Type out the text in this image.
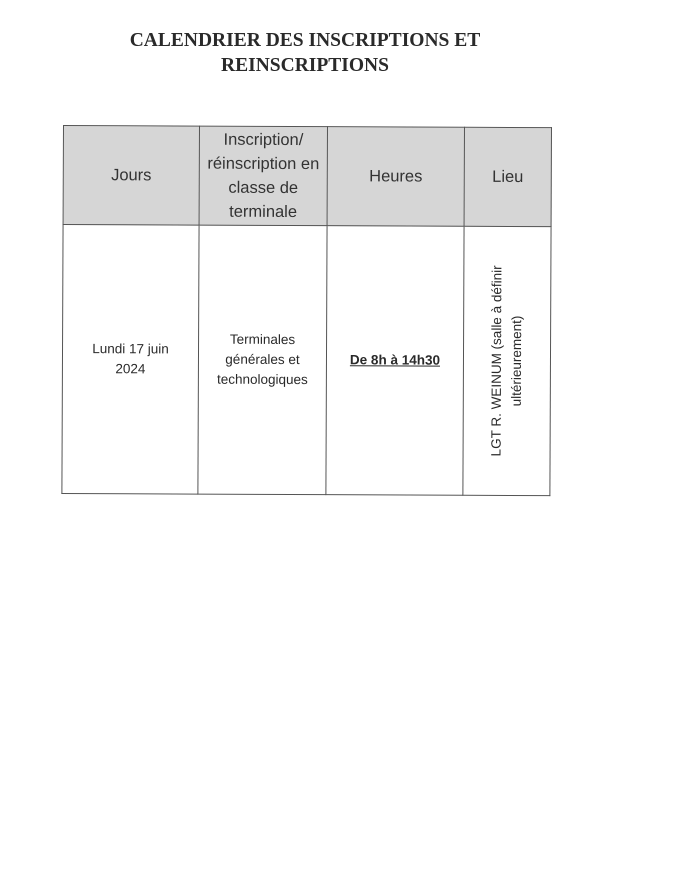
CALENDRIER DES INSCRIPTIONS ET
REINSCRIPTIONS
Jours	Inscription/ réinscription en classe de terminale	Heures	Lieu

Lundi 17 juin 2024	Terminales générales et technologiques	De 8h à 14h30	LGT R. WEINUM (salle à définir ultérieurement)
